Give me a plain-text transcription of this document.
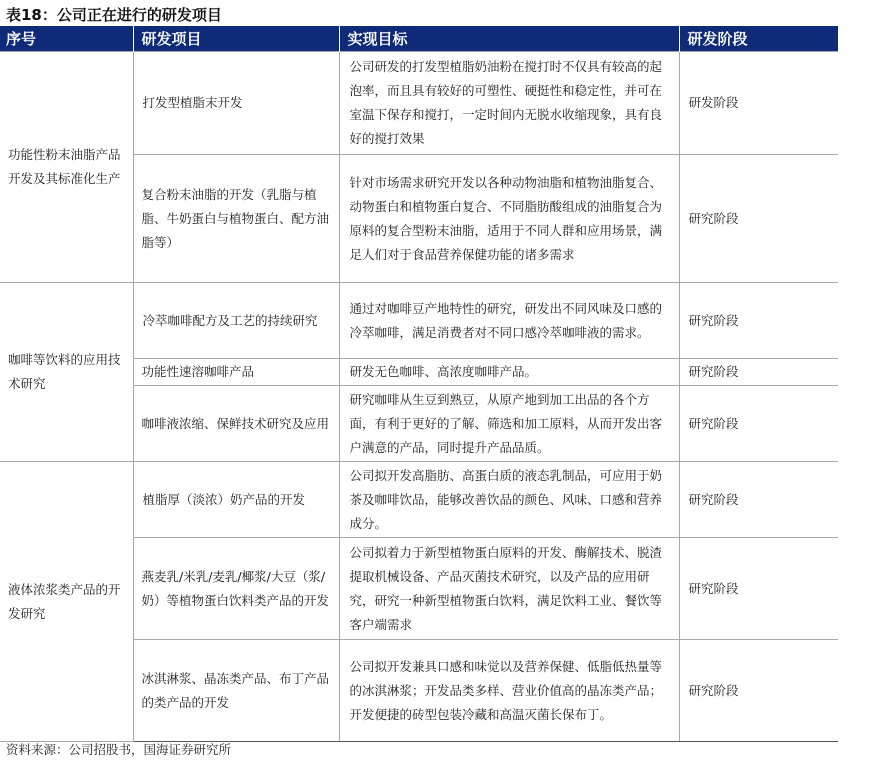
表18：公司正在进行的研发项目
序号	研发项目	实现目标	研发阶段
功能性粉末油脂产品开发及其标准化生产	打发型植脂末开发	公司研发的打发型植脂奶油粉在搅打时不仅具有较高的起泡率，而且具有较好的可塑性、硬挺性和稳定性，并可在室温下保存和搅打，一定时间内无脱水收缩现象，具有良好的搅打效果	研发阶段
	复合粉末油脂的开发（乳脂与植脂、牛奶蛋白与植物蛋白、配方油脂等）	针对市场需求研究开发以各种动物油脂和植物油脂复合、动物蛋白和植物蛋白复合、不同脂肪酸组成的油脂复合为原料的复合型粉末油脂，适用于不同人群和应用场景，满足人们对于食品营养保健功能的诸多需求	研究阶段
咖啡等饮料的应用技术研究	冷萃咖啡配方及工艺的持续研究	通过对咖啡豆产地特性的研究，研发出不同风味及口感的冷萃咖啡，满足消费者对不同口感冷萃咖啡液的需求。	研究阶段
	功能性速溶咖啡产品	研发无色咖啡、高浓度咖啡产品。	研究阶段
	咖啡液浓缩、保鲜技术研究及应用	研究咖啡从生豆到熟豆，从原产地到加工出品的各个方面，有利于更好的了解、筛选和加工原料，从而开发出客户满意的产品，同时提升产品品质。	研究阶段
液体浓浆类产品的开发研究	植脂厚（淡浓）奶产品的开发	公司拟开发高脂肪、高蛋白质的液态乳制品，可应用于奶茶及咖啡饮品，能够改善饮品的颜色、风味、口感和营养成分。	研究阶段
	燕麦乳/米乳/麦乳/椰浆/大豆（浆/奶）等植物蛋白饮料类产品的开发	公司拟着力于新型植物蛋白原料的开发、酶解技术、脱渣提取机械设备、产品灭菌技术研究，以及产品的应用研究，研究一种新型植物蛋白饮料，满足饮料工业、餐饮等客户端需求	研究阶段
	冰淇淋浆、晶冻类产品、布丁产品的类产品的开发	公司拟开发兼具口感和味觉以及营养保健、低脂低热量等的冰淇淋浆；开发品类多样、营业价值高的晶冻类产品；开发便捷的砖型包装冷藏和高温灭菌长保布丁。	研究阶段
资料来源：公司招股书，国海证券研究所
